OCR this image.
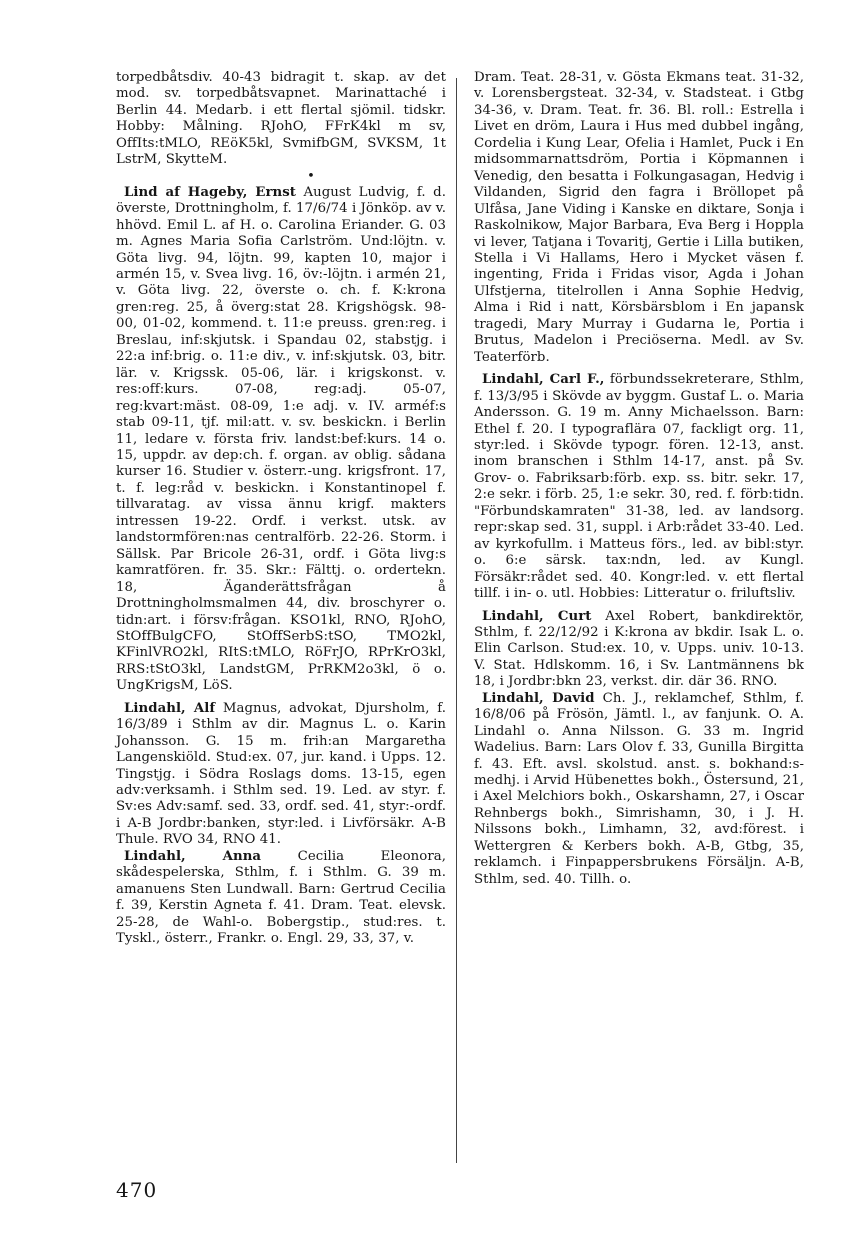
torpedbåtsdiv. 40-43 bidragit t. skap. av det mod. sv. torpedbåtsvapnet. Marinattaché i Berlin 44. Medarb. i ett flertal sjömil. tidskr. Hobby: Målning. RJohO, FFrK4kl m sv, OffIts:tMLO, REöK5kl, SvmifbGM, SVKSM, 1t LstrM, SkytteM.

•

Lind af Hageby, Ernst August Ludvig, f. d. överste, Drottningholm, f. 17/6/74 i Jönköp. av v. hhövd. Emil L. af H. o. Carolina Eriander. G. 03 m. Agnes Maria Sofia Carlström. Und:löjtn. v. Göta livg. 94, löjtn. 99, kapten 10, major i armén 15, v. Svea livg. 16, öv:-löjtn. i armén 21, v. Göta livg. 22, överste o. ch. f. K:krona gren:reg. 25, å överg:stat 28. Krigshögsk. 98-00, 01-02, kommend. t. 11:e preuss. gren:reg. i Breslau, inf:skjutsk. i Spandau 02, stabstjg. i 22:a inf:brig. o. 11:e div., v. inf:skjutsk. 03, bitr. lär. v. Krigssk. 05-06, lär. i krigskonst. v. res:off:kurs. 07-08, reg:adj. 05-07, reg:kvart:mäst. 08-09, 1:e adj. v. IV. arméf:s stab 09-11, tjf. mil:att. v. sv. beskickn. i Berlin 11, ledare v. första friv. landst:bef:kurs. 14 o. 15, uppdr. av dep:ch. f. organ. av oblig. sådana kurser 16. Studier v. österr.-ung. krigsfront. 17, t. f. leg:råd v. beskickn. i Konstantinopel f. tillvaratag. av vissa ännu krigf. makters intressen 19-22. Ordf. i verkst. utsk. av landstormfören:nas centralförb. 22-26. Storm. i Sällsk. Par Bricole 26-31, ordf. i Göta livg:s kamratfören. fr. 35. Skr.: Fälttj. o. ordertekn. 18, Äganderättsfrågan å Drottningholmsmalmen 44, div. broschyrer o. tidn:art. i försv:frågan. KSO1kl, RNO, RJohO, StOffBulgCFO, StOffSerbS:tSO, TMO2kl, KFinlVRO2kl, RItS:tMLO, RöFrJO, RPrKrO3kl, RRS:tStO3kl, LandstGM, PrRKM2o3kl, ö o. UngKrigsM, LöS.

Lindahl, Alf Magnus, advokat, Djursholm, f. 16/3/89 i Sthlm av dir. Magnus L. o. Karin Johansson. G. 15 m. frih:an Margaretha Langenskiöld. Stud:ex. 07, jur. kand. i Upps. 12. Tingstjg. i Södra Roslags doms. 13-15, egen adv:verksamh. i Sthlm sed. 19. Led. av styr. f. Sv:es Adv:samf. sed. 33, ordf. sed. 41, styr:-ordf. i A-B Jordbr:banken, styr:led. i Livförsäkr. A-B Thule. RVO 34, RNO 41.

Lindahl, Anna Cecilia Eleonora, skådespelerska, Sthlm, f. i Sthlm. G. 39 m. amanuens Sten Lundwall. Barn: Gertrud Cecilia f. 39, Kerstin Agneta f. 41. Dram. Teat. elevsk. 25-28, de Wahl-o. Bobergstip., stud:res. t. Tyskl., österr., Frankr. o. Engl. 29, 33, 37, v.

Dram. Teat. 28-31, v. Gösta Ekmans teat. 31-32, v. Lorensbergsteat. 32-34, v. Stadsteat. i Gtbg 34-36, v. Dram. Teat. fr. 36. Bl. roll.: Estrella i Livet en dröm, Laura i Hus med dubbel ingång, Cordelia i Kung Lear, Ofelia i Hamlet, Puck i En midsommarnattsdröm, Portia i Köpmannen i Venedig, den besatta i Folkungasagan, Hedvig i Vildanden, Sigrid den fagra i Bröllopet på Ulfåsa, Jane Viding i Kanske en diktare, Sonja i Raskolnikow, Major Barbara, Eva Berg i Hoppla vi lever, Tatjana i Tovaritj, Gertie i Lilla butiken, Stella i Vi Hallams, Hero i Mycket väsen f. ingenting, Frida i Fridas visor, Agda i Johan Ulfstjerna, titelrollen i Anna Sophie Hedvig, Alma i Rid i natt, Körsbärsblom i En japansk tragedi, Mary Murray i Gudarna le, Portia i Brutus, Madelon i Preciöserna. Medl. av Sv. Teaterförb.

Lindahl, Carl F., förbundssekreterare, Sthlm, f. 13/3/95 i Skövde av byggm. Gustaf L. o. Maria Andersson. G. 19 m. Anny Michaelsson. Barn: Ethel f. 20. I typograflära 07, fackligt org. 11, styr:led. i Skövde typogr. fören. 12-13, anst. inom branschen i Sthlm 14-17, anst. på Sv. Grov- o. Fabriksarb:förb. exp. ss. bitr. sekr. 17, 2:e sekr. i förb. 25, 1:e sekr. 30, red. f. förb:tidn. "Förbundskamraten" 31-38, led. av landsorg. repr:skap sed. 31, suppl. i Arb:rådet 33-40. Led. av kyrkofullm. i Matteus förs., led. av bibl:styr. o. 6:e särsk. tax:ndn, led. av Kungl. Försäkr:rådet sed. 40. Kongr:led. v. ett flertal tillf. i in- o. utl. Hobbies: Litteratur o. friluftsliv.

Lindahl, Curt Axel Robert, bankdirektör, Sthlm, f. 22/12/92 i K:krona av bkdir. Isak L. o. Elin Carlson. Stud:ex. 10, v. Upps. univ. 10-13. V. Stat. Hdlskomm. 16, i Sv. Lantmännens bk 18, i Jordbr:bkn 23, verkst. dir. där 36. RNO.

Lindahl, David Ch. J., reklamchef, Sthlm, f. 16/8/06 på Frösön, Jämtl. l., av fanjunk. O. A. Lindahl o. Anna Nilsson. G. 33 m. Ingrid Wadelius. Barn: Lars Olov f. 33, Gunilla Birgitta f. 43. Eft. avsl. skolstud. anst. s. bokhand:s-medhj. i Arvid Hübenettes bokh., Östersund, 21, i Axel Melchiors bokh., Oskarshamn, 27, i Oscar Rehnbergs bokh., Simrishamn, 30, i J. H. Nilssons bokh., Limhamn, 32, avd:förest. i Wettergren & Kerbers bokh. A-B, Gtbg, 35, reklamch. i Finpappersbrukens Försäljn. A-B, Sthlm, sed. 40. Tillh. o.

470
